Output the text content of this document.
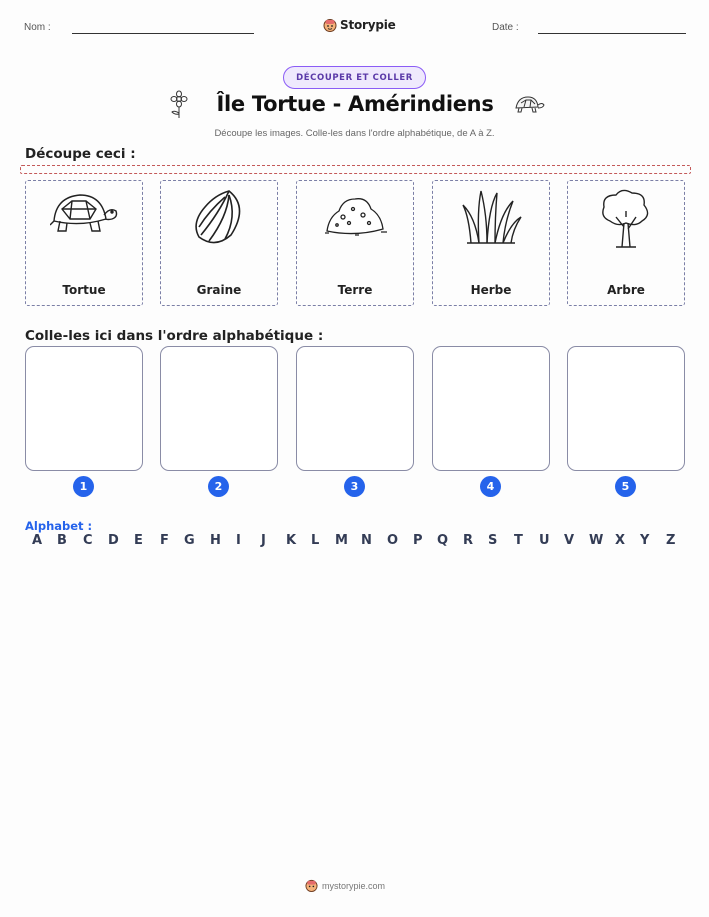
Nom :	Storypie	Date :
DÉCOUPER ET COLLER
Île Tortue - Amérindiens
Découpe les images. Colle-les dans l'ordre alphabétique, de A à Z.
Découpe ceci :
Tortue	Graine	Terre	Herbe	Arbre
Colle-les ici dans l'ordre alphabétique :
1	2	3	4	5
Alphabet :
A B C D E F G H I J K L M N O P Q R S T U V W X Y Z
mystorypie.com
